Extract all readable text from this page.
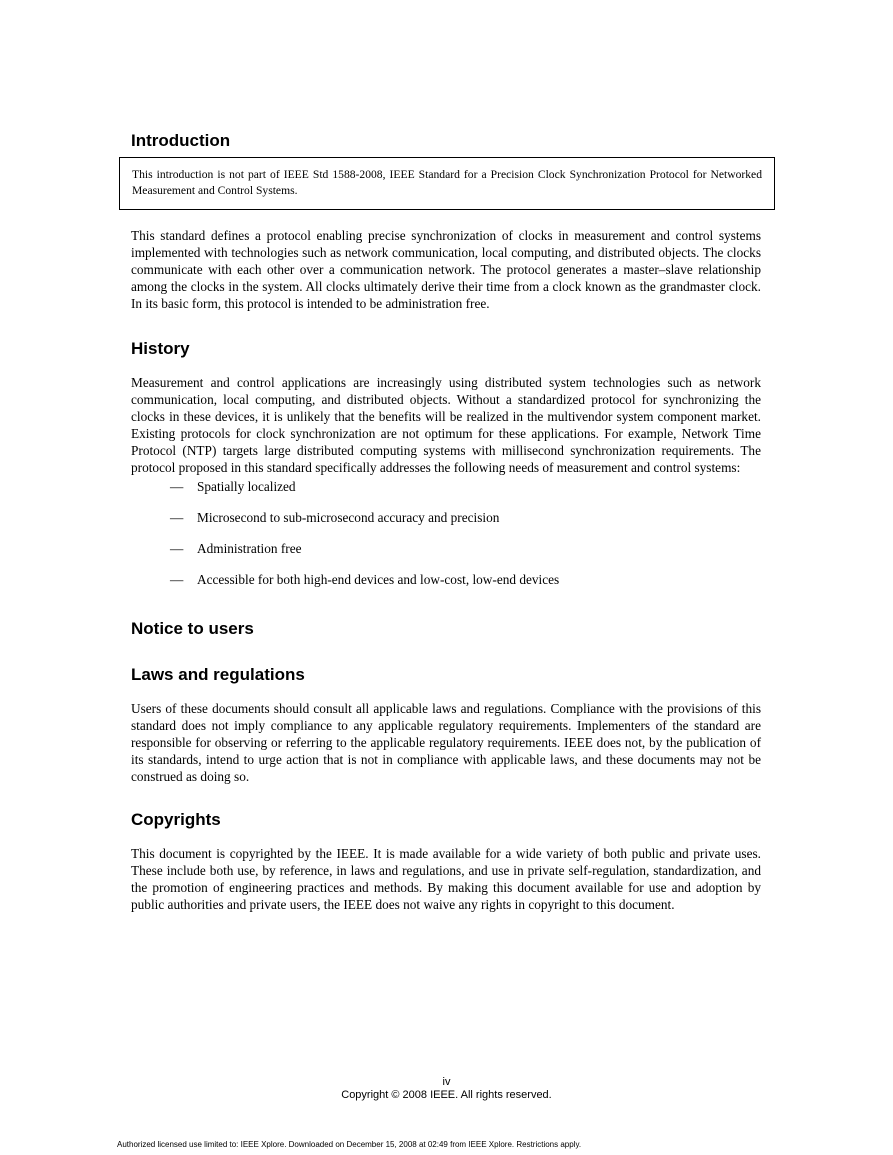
Introduction
This introduction is not part of IEEE Std 1588-2008, IEEE Standard for a Precision Clock Synchronization Protocol for Networked Measurement and Control Systems.

This standard defines a protocol enabling precise synchronization of clocks in measurement and control systems implemented with technologies such as network communication, local computing, and distributed objects. The clocks communicate with each other over a communication network. The protocol generates a master–slave relationship among the clocks in the system. All clocks ultimately derive their time from a clock known as the grandmaster clock. In its basic form, this protocol is intended to be administration free.

History

Measurement and control applications are increasingly using distributed system technologies such as network communication, local computing, and distributed objects. Without a standardized protocol for synchronizing the clocks in these devices, it is unlikely that the benefits will be realized in the multivendor system component market. Existing protocols for clock synchronization are not optimum for these applications. For example, Network Time Protocol (NTP) targets large distributed computing systems with millisecond synchronization requirements. The protocol proposed in this standard specifically addresses the following needs of measurement and control systems:

—	Spatially localized
—	Microsecond to sub-microsecond accuracy and precision
—	Administration free
—	Accessible for both high-end devices and low-cost, low-end devices
Notice to users
Laws and regulations

Users of these documents should consult all applicable laws and regulations. Compliance with the provisions of this standard does not imply compliance to any applicable regulatory requirements. Implementers of the standard are responsible for observing or referring to the applicable regulatory requirements. IEEE does not, by the publication of its standards, intend to urge action that is not in compliance with applicable laws, and these documents may not be construed as doing so.

Copyrights

This document is copyrighted by the IEEE. It is made available for a wide variety of both public and private uses. These include both use, by reference, in laws and regulations, and use in private self-regulation, standardization, and the promotion of engineering practices and methods. By making this document available for use and adoption by public authorities and private users, the IEEE does not waive any rights in copyright to this document.

iv
Copyright © 2008 IEEE. All rights reserved.
Authorized licensed use limited to: IEEE Xplore. Downloaded on December 15, 2008 at 02:49 from IEEE Xplore. Restrictions apply.
